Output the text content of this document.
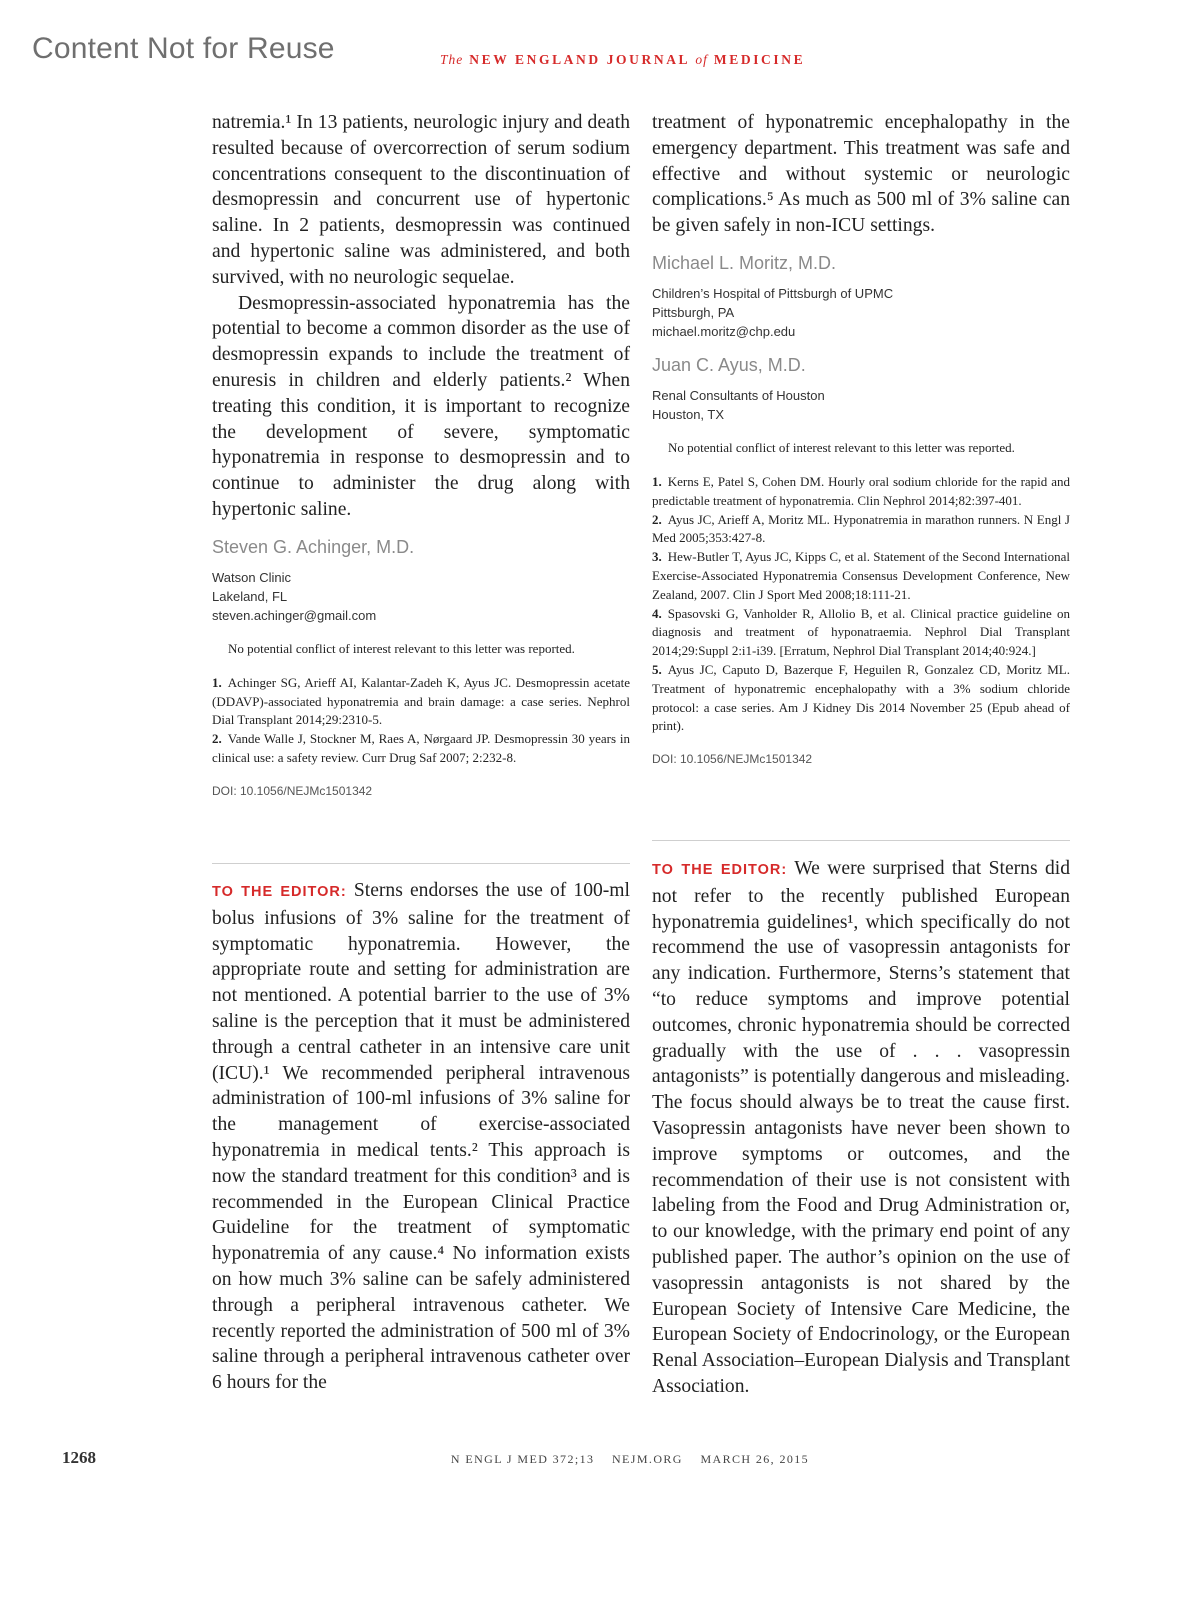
Content Not for Reuse	The NEW ENGLAND JOURNAL of MEDICINE

natremia.¹ In 13 patients, neurologic injury and death resulted because of overcorrection of serum sodium concentrations consequent to the discontinuation of desmopressin and concurrent use of hypertonic saline. In 2 patients, desmopressin was continued and hypertonic saline was administered, and both survived, with no neurologic sequelae.

Desmopressin-associated hyponatremia has the potential to become a common disorder as the use of desmopressin expands to include the treatment of enuresis in children and elderly patients.² When treating this condition, it is important to recognize the development of severe, symptomatic hyponatremia in response to desmopressin and to continue to administer the drug along with hypertonic saline.

Steven G. Achinger, M.D.
Watson Clinic
Lakeland, FL
steven.achinger@gmail.com

No potential conflict of interest relevant to this letter was reported.

1. Achinger SG, Arieff AI, Kalantar-Zadeh K, Ayus JC. Desmopressin acetate (DDAVP)-associated hyponatremia and brain damage: a case series. Nephrol Dial Transplant 2014;29:2310-5.
2. Vande Walle J, Stockner M, Raes A, Nørgaard JP. Desmopressin 30 years in clinical use: a safety review. Curr Drug Saf 2007; 2:232-8.
DOI: 10.1056/NEJMc1501342

treatment of hyponatremic encephalopathy in the emergency department. This treatment was safe and effective and without systemic or neurologic complications.⁵ As much as 500 ml of 3% saline can be given safely in non-ICU settings.

Michael L. Moritz, M.D.
Children’s Hospital of Pittsburgh of UPMC
Pittsburgh, PA
michael.moritz@chp.edu
Juan C. Ayus, M.D.
Renal Consultants of Houston
Houston, TX

No potential conflict of interest relevant to this letter was reported.

1. Kerns E, Patel S, Cohen DM. Hourly oral sodium chloride for the rapid and predictable treatment of hyponatremia. Clin Nephrol 2014;82:397-401.
2. Ayus JC, Arieff A, Moritz ML. Hyponatremia in marathon runners. N Engl J Med 2005;353:427-8.
3. Hew-Butler T, Ayus JC, Kipps C, et al. Statement of the Second International Exercise-Associated Hyponatremia Consensus Development Conference, New Zealand, 2007. Clin J Sport Med 2008;18:111-21.
4. Spasovski G, Vanholder R, Allolio B, et al. Clinical practice guideline on diagnosis and treatment of hyponatraemia. Nephrol Dial Transplant 2014;29:Suppl 2:i1-i39. [Erratum, Nephrol Dial Transplant 2014;40:924.]
5. Ayus JC, Caputo D, Bazerque F, Heguilen R, Gonzalez CD, Moritz ML. Treatment of hyponatremic encephalopathy with a 3% sodium chloride protocol: a case series. Am J Kidney Dis 2014 November 25 (Epub ahead of print).
DOI: 10.1056/NEJMc1501342

TO THE EDITOR: Sterns endorses the use of 100-ml bolus infusions of 3% saline for the treatment of symptomatic hyponatremia. However, the appropriate route and setting for administration are not mentioned. A potential barrier to the use of 3% saline is the perception that it must be administered through a central catheter in an intensive care unit (ICU).¹ We recommended peripheral intravenous administration of 100-ml infusions of 3% saline for the management of exercise-associated hyponatremia in medical tents.² This approach is now the standard treatment for this condition³ and is recommended in the European Clinical Practice Guideline for the treatment of symptomatic hyponatremia of any cause.⁴ No information exists on how much 3% saline can be safely administered through a peripheral intravenous catheter. We recently reported the administration of 500 ml of 3% saline through a peripheral intravenous catheter over 6 hours for the

TO THE EDITOR: We were surprised that Sterns did not refer to the recently published European hyponatremia guidelines¹, which specifically do not recommend the use of vasopressin antagonists for any indication. Furthermore, Sterns’s statement that “to reduce symptoms and improve potential outcomes, chronic hyponatremia should be corrected gradually with the use of . . . vasopressin antagonists” is potentially dangerous and misleading. The focus should always be to treat the cause first. Vasopressin antagonists have never been shown to improve symptoms or outcomes, and the recommendation of their use is not consistent with labeling from the Food and Drug Administration or, to our knowledge, with the primary end point of any published paper. The author’s opinion on the use of vasopressin antagonists is not shared by the European Society of Intensive Care Medicine, the European Society of Endocrinology, or the European Renal Association–European Dialysis and Transplant Association.

1268	N ENGL J MED 372;13    NEJM.ORG    MARCH 26, 2015
